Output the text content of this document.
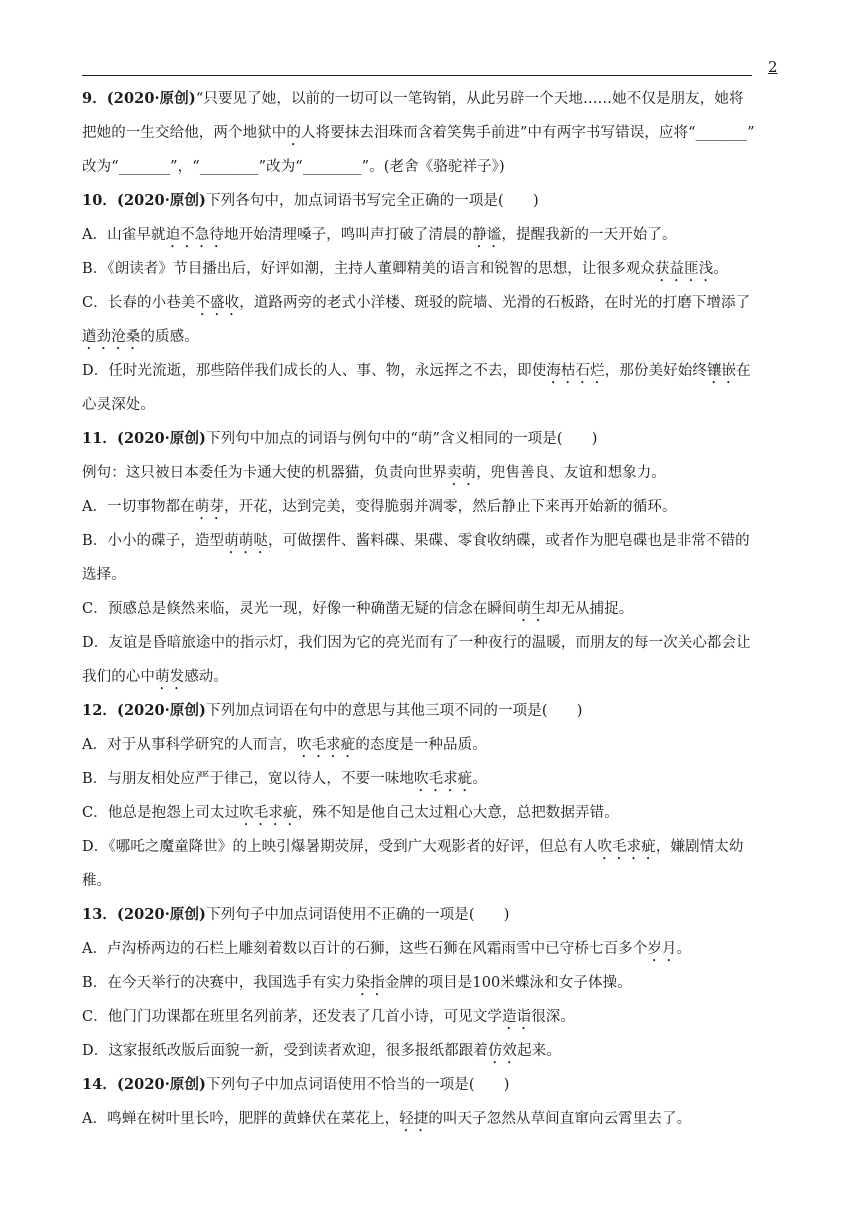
2
9．(2020·原创)“只要见了她，以前的一切可以一笔钩销，从此另辟一个天地……她不仅是朋友，她将
把她的一生交给他，两个地狱中的人将要抹去泪珠而含着笑隽手前进”中有两字书写错误，应将“_______”
改为“_______”，“________”改为“________”。(老舍《骆驼祥子》)
10．(2020·原创)下列各句中，加点词语书写完全正确的一项是(　　)
A．山雀早就迫不急待地开始清理嗓子，鸣叫声打破了清晨的静谧，提醒我新的一天开始了。
B．《朗读者》节目播出后，好评如潮，主持人董卿精美的语言和锐智的思想，让很多观众获益匪浅。
C．长春的小巷美不盛收，道路两旁的老式小洋楼、斑驳的院墙、光滑的石板路，在时光的打磨下增添了
遒劲沧桑的质感。
D．任时光流逝，那些陪伴我们成长的人、事、物，永远挥之不去，即使海枯石烂，那份美好始终镶嵌在
心灵深处。
11．(2020·原创)下列句中加点的词语与例句中的“萌”含义相同的一项是(　　)
例句：这只被日本委任为卡通大使的机器猫，负责向世界卖萌，兜售善良、友谊和想象力。
A．一切事物都在萌芽，开花，达到完美，变得脆弱并凋零，然后静止下来再开始新的循环。
B．小小的碟子，造型萌萌哒，可做摆件、酱料碟、果碟、零食收纳碟，或者作为肥皂碟也是非常不错的
选择。
C．预感总是倏然来临，灵光一现，好像一种确凿无疑的信念在瞬间萌生却无从捕捉。
D．友谊是昏暗旅途中的指示灯，我们因为它的亮光而有了一种夜行的温暖，而朋友的每一次关心都会让
我们的心中萌发感动。
12．(2020·原创)下列加点词语在句中的意思与其他三项不同的一项是(　　)
A．对于从事科学研究的人而言，吹毛求疵的态度是一种品质。
B．与朋友相处应严于律己，宽以待人，不要一味地吹毛求疵。
C．他总是抱怨上司太过吹毛求疵，殊不知是他自己太过粗心大意，总把数据弄错。
D．《哪吒之魔童降世》的上映引爆暑期荧屏，受到广大观影者的好评，但总有人吹毛求疵，嫌剧情太幼
稚。
13．(2020·原创)下列句子中加点词语使用不正确的一项是(　　)
A．卢沟桥两边的石栏上雕刻着数以百计的石狮，这些石狮在风霜雨雪中已守桥七百多个岁月。
B．在今天举行的决赛中，我国选手有实力染指金牌的项目是100米蝶泳和女子体操。
C．他门门功课都在班里名列前茅，还发表了几首小诗，可见文学造诣很深。
D．这家报纸改版后面貌一新，受到读者欢迎，很多报纸都跟着仿效起来。
14．(2020·原创)下列句子中加点词语使用不恰当的一项是(　　)
A．鸣蝉在树叶里长吟，肥胖的黄蜂伏在菜花上，轻捷的叫天子忽然从草间直窜向云霄里去了。
